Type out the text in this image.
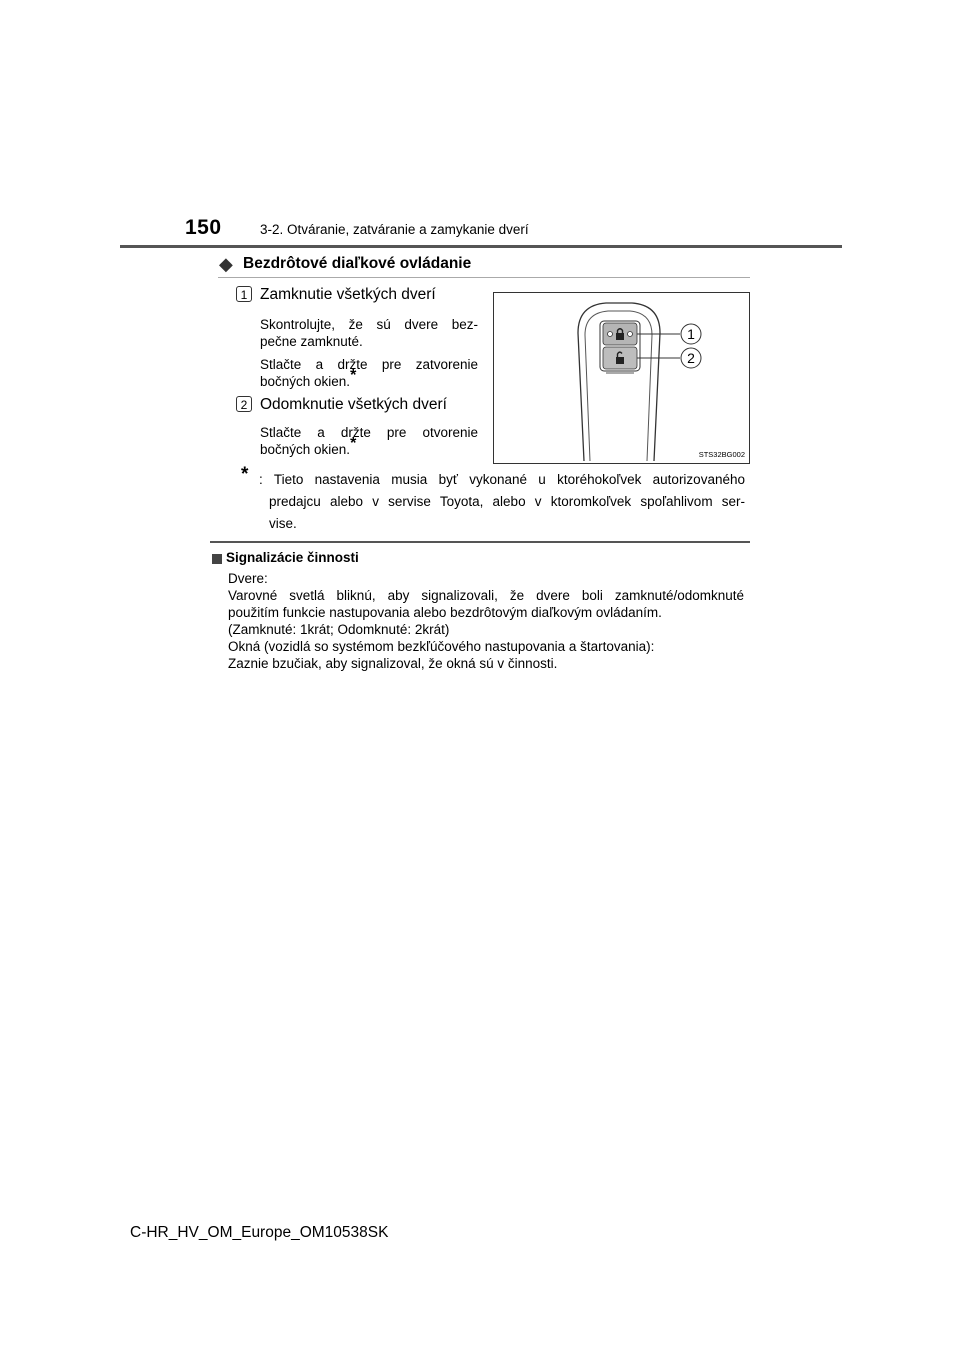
150	3-2. Otváranie, zatváranie a zamykanie dverí
◆ Bezdrôtové diaľkové ovládanie
1 Zamknutie všetkých dverí
Skontrolujte, že sú dvere bez-
pečne zamknuté.
Stlačte a držte pre zatvorenie
bočných okien.*
2 Odomknutie všetkých dverí
Stlačte a držte pre otvorenie
bočných okien.*
1
2
STS32BG002
* : Tieto nastavenia musia byť vykonané u ktoréhokoľvek autorizovaného
predajcu alebo v servise Toyota, alebo v ktoromkoľvek spoľahlivom ser-
vise.
Signalizácie činnosti
Dvere:
Varovné svetlá bliknú, aby signalizovali, že dvere boli zamknuté/odomknuté
použitím funkcie nastupovania alebo bezdrôtovým diaľkovým ovládaním.
(Zamknuté: 1krát; Odomknuté: 2krát)
Okná (vozidlá so systémom bezkľúčového nastupovania a štartovania):
Zaznie bzučiak, aby signalizoval, že okná sú v činnosti.
C-HR_HV_OM_Europe_OM10538SK
